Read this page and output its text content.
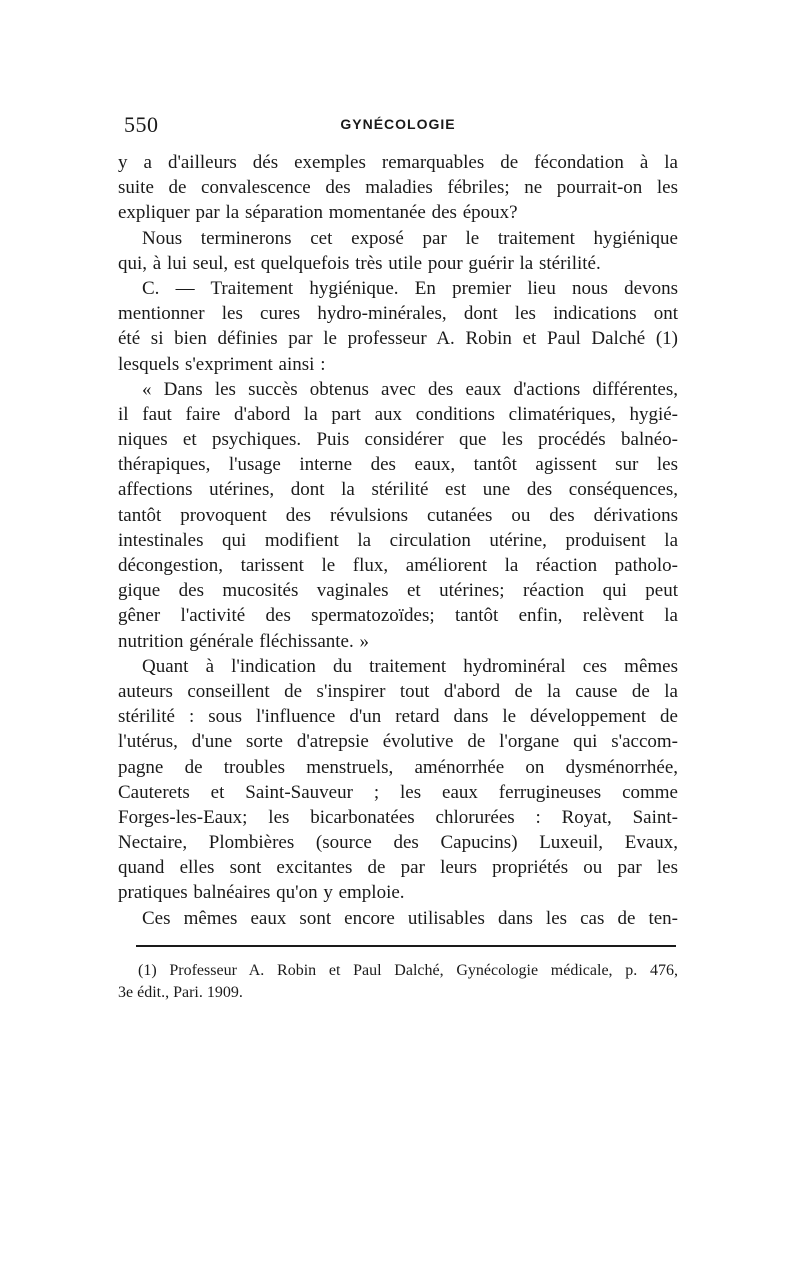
550	GYNÉCOLOGIE
y a d'ailleurs dés exemples remarquables de fécondation à la
suite de convalescence des maladies fébriles; ne pourrait-on les
expliquer par la séparation momentanée des époux?
Nous terminerons cet exposé par le traitement hygiénique
qui, à lui seul, est quelquefois très utile pour guérir la stérilité.
C. — Traitement hygiénique. En premier lieu nous devons
mentionner les cures hydro-minérales, dont les indications ont
été si bien définies par le professeur A. Robin et Paul Dalché (1)
lesquels s'expriment ainsi :
« Dans les succès obtenus avec des eaux d'actions différentes,
il faut faire d'abord la part aux conditions climatériques, hygié-
niques et psychiques. Puis considérer que les procédés balnéo-
thérapiques, l'usage interne des eaux, tantôt agissent sur les
affections utérines, dont la stérilité est une des conséquences,
tantôt provoquent des révulsions cutanées ou des dérivations
intestinales qui modifient la circulation utérine, produisent la
décongestion, tarissent le flux, améliorent la réaction patholo-
gique des mucosités vaginales et utérines; réaction qui peut
gêner l'activité des spermatozoïdes; tantôt enfin, relèvent la
nutrition générale fléchissante. »
Quant à l'indication du traitement hydrominéral ces mêmes
auteurs conseillent de s'inspirer tout d'abord de la cause de la
stérilité : sous l'influence d'un retard dans le développement de
l'utérus, d'une sorte d'atrepsie évolutive de l'organe qui s'accom-
pagne de troubles menstruels, aménorrhée on dysménorrhée,
Cauterets et Saint-Sauveur ; les eaux ferrugineuses comme
Forges-les-Eaux; les bicarbonatées chlorurées : Royat, Saint-
Nectaire, Plombières (source des Capucins) Luxeuil, Evaux,
quand elles sont excitantes de par leurs propriétés ou par les
pratiques balnéaires qu'on y emploie.
Ces mêmes eaux sont encore utilisables dans les cas de ten-
(1) Professeur A. Robin et Paul Dalché, Gynécologie médicale, p. 476,
3e édit., Pari. 1909.
